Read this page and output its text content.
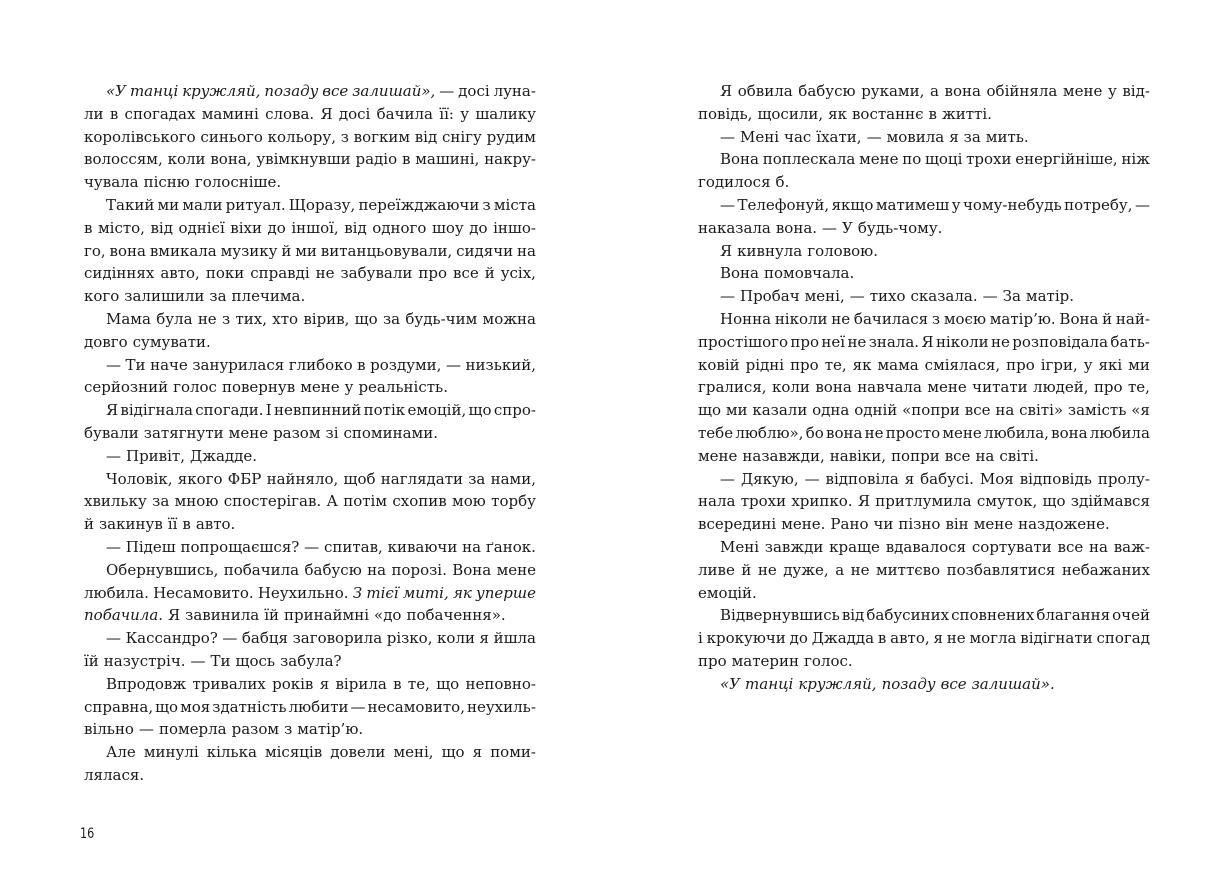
«У танці кружляй, позаду все залишай», — досі луна-
ли в спогадах мамині слова. Я досі бачила її: у шалику
королівського синього кольору, з вогким від снігу рудим
волоссям, коли вона, увімкнувши радіо в машині, накру-
чувала пісню голосніше.
Такий ми мали ритуал. Щоразу, переїжджаючи з міста
в місто, від однієї віхи до іншої, від одного шоу до іншо-
го, вона вмикала музику й ми витанцьовували, сидячи на
сидіннях авто, поки справді не забували про все й усіх,
кого залишили за плечима.
Мама була не з тих, хто вірив, що за будь-чим можна
довго сумувати.
— Ти наче занурилася глибоко в роздуми, — низький,
серйозний голос повернув мене у реальність.
Я відігнала спогади. І невпинний потік емоцій, що спро-
бували затягнути мене разом зі споминами.
— Привіт, Джадде.
Чоловік, якого ФБР найняло, щоб наглядати за нами,
хвильку за мною спостерігав. А потім схопив мою торбу
й закинув її в авто.
— Підеш попрощаєшся? — спитав, киваючи на ґанок.
Обернувшись, побачила бабусю на порозі. Вона мене
любила. Несамовито. Неухильно. З тієї миті, як уперше
побачила. Я завинила їй принаймні «до побачення».
— Кассандро? — бабця заговорила різко, коли я йшла
їй назустріч. — Ти щось забула?
Впродовж тривалих років я вірила в те, що неповно-
справна, що моя здатність любити — несамовито, неухиль-
вільно — померла разом з матір’ю.
Але минулі кілька місяців довели мені, що я поми-
лялася.
Я обвила бабусю руками, а вона обійняла мене у від-
повідь, щосили, як востаннє в житті.
— Мені час їхати, — мовила я за мить.
Вона поплескала мене по щоці трохи енергійніше, ніж
годилося б.
— Телефонуй, якщо матимеш у чому-небудь потребу, —
наказала вона. — У будь-чому.
Я кивнула головою.
Вона помовчала.
— Пробач мені, — тихо сказала. — За матір.
Нонна ніколи не бачилася з моєю матір’ю. Вона й най-
простішого про неї не знала. Я ніколи не розповідала бать-
ковій рідні про те, як мама сміялася, про ігри, у які ми
гралися, коли вона навчала мене читати людей, про те,
що ми казали одна одній «попри все на світі» замість «я
тебе люблю», бо вона не просто мене любила, вона любила
мене назавжди, навіки, попри все на світі.
— Дякую, — відповіла я бабусі. Моя відповідь пролу-
нала трохи хрипко. Я притлумила смуток, що здіймався
всередині мене. Рано чи пізно він мене наздожене.
Мені завжди краще вдавалося сортувати все на важ-
ливе й не дуже, а не миттєво позбавлятися небажаних
емоцій.
Відвернувшись від бабусиних сповнених благання очей
і крокуючи до Джадда в авто, я не могла відігнати спогад
про материн голос.
«У танці кружляй, позаду все залишай».
16
